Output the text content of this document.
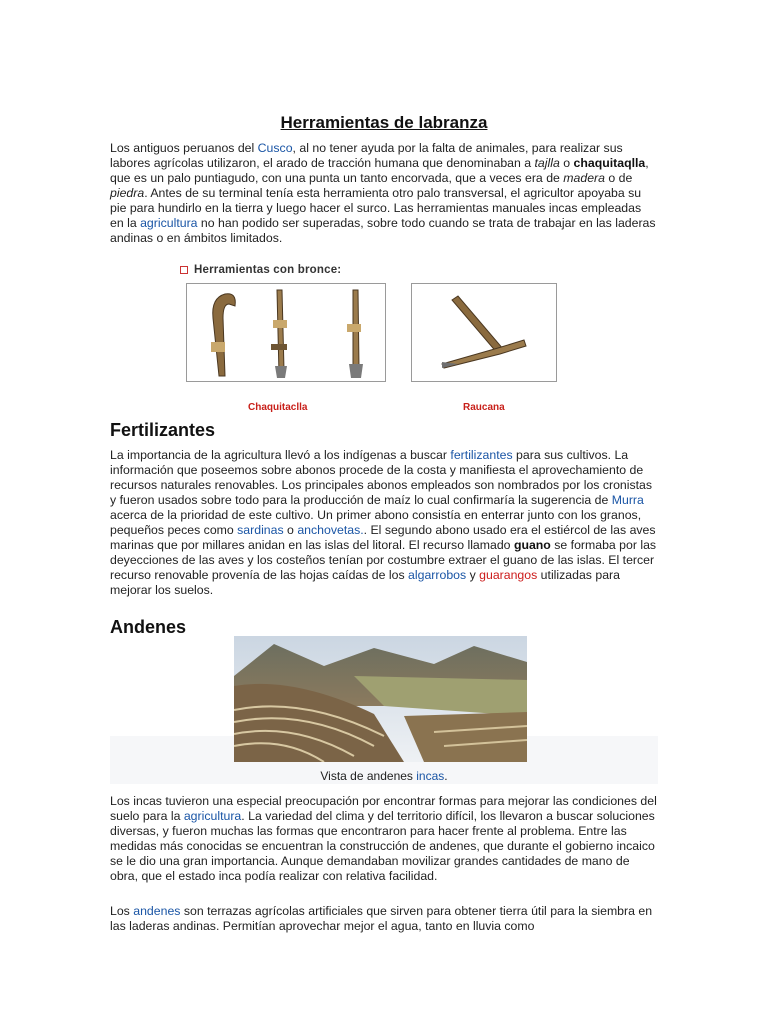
Herramientas de labranza

Los antiguos peruanos del Cusco, al no tener ayuda por la falta de animales, para realizar sus labores agrícolas utilizaron, el arado de tracción humana que denominaban a tajlla o chaquitaqlla, que es un palo puntiagudo, con una punta un tanto encorvada, que a veces era de madera o de piedra. Antes de su terminal tenía esta herramienta otro palo transversal, el agricultor apoyaba su pie para hundirlo en la tierra y luego hacer el surco. Las herramientas manuales incas empleadas en la agricultura no han podido ser superadas, sobre todo cuando se trata de trabajar en las laderas andinas o en ámbitos limitados.

Herramientas con bronce:
Chaquitaclla	Raucana
Fertilizantes

La importancia de la agricultura llevó a los indígenas a buscar fertilizantes para sus cultivos. La información que poseemos sobre abonos procede de la costa y manifiesta el aprovechamiento de recursos naturales renovables. Los principales abonos empleados son nombrados por los cronistas y fueron usados sobre todo para la producción de maíz lo cual confirmaría la sugerencia de Murra acerca de la prioridad de este cultivo. Un primer abono consistía en enterrar junto con los granos, pequeños peces como sardinas o anchovetas.. El segundo abono usado era el estiércol de las aves marinas que por millares anidan en las islas del litoral. El recurso llamado guano se formaba por las deyecciones de las aves y los costeños tenían por costumbre extraer el guano de las islas. El tercer recurso renovable provenía de las hojas caídas de los algarrobos y guarangos utilizadas para mejorar los suelos.

Andenes
Vista de andenes incas.

Los incas tuvieron una especial preocupación por encontrar formas para mejorar las condiciones del suelo para la agricultura. La variedad del clima y del territorio difícil, los llevaron a buscar soluciones diversas, y fueron muchas las formas que encontraron para hacer frente al problema. Entre las medidas más conocidas se encuentran la construcción de andenes, que durante el gobierno incaico se le dio una gran importancia. Aunque demandaban movilizar grandes cantidades de mano de obra, que el estado inca podía realizar con relativa facilidad.

Los andenes son terrazas agrícolas artificiales que sirven para obtener tierra útil para la siembra en las laderas andinas. Permitían aprovechar mejor el agua, tanto en lluvia como
